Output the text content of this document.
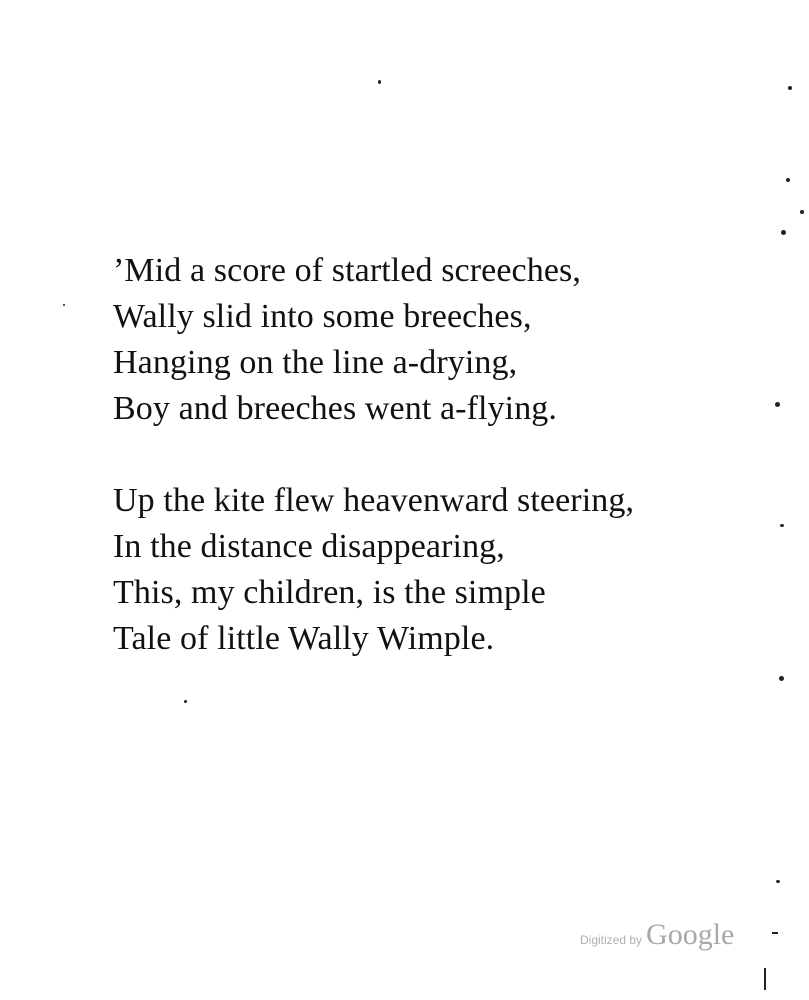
’Mid a score of startled screeches,
Wally slid into some breeches,
Hanging on the line a-drying,
Boy and breeches went a-flying.
Up the kite flew heavenward steering,
In the distance disappearing,
This, my children, is the simple
Tale of little Wally Wimple.
Digitized by Google
